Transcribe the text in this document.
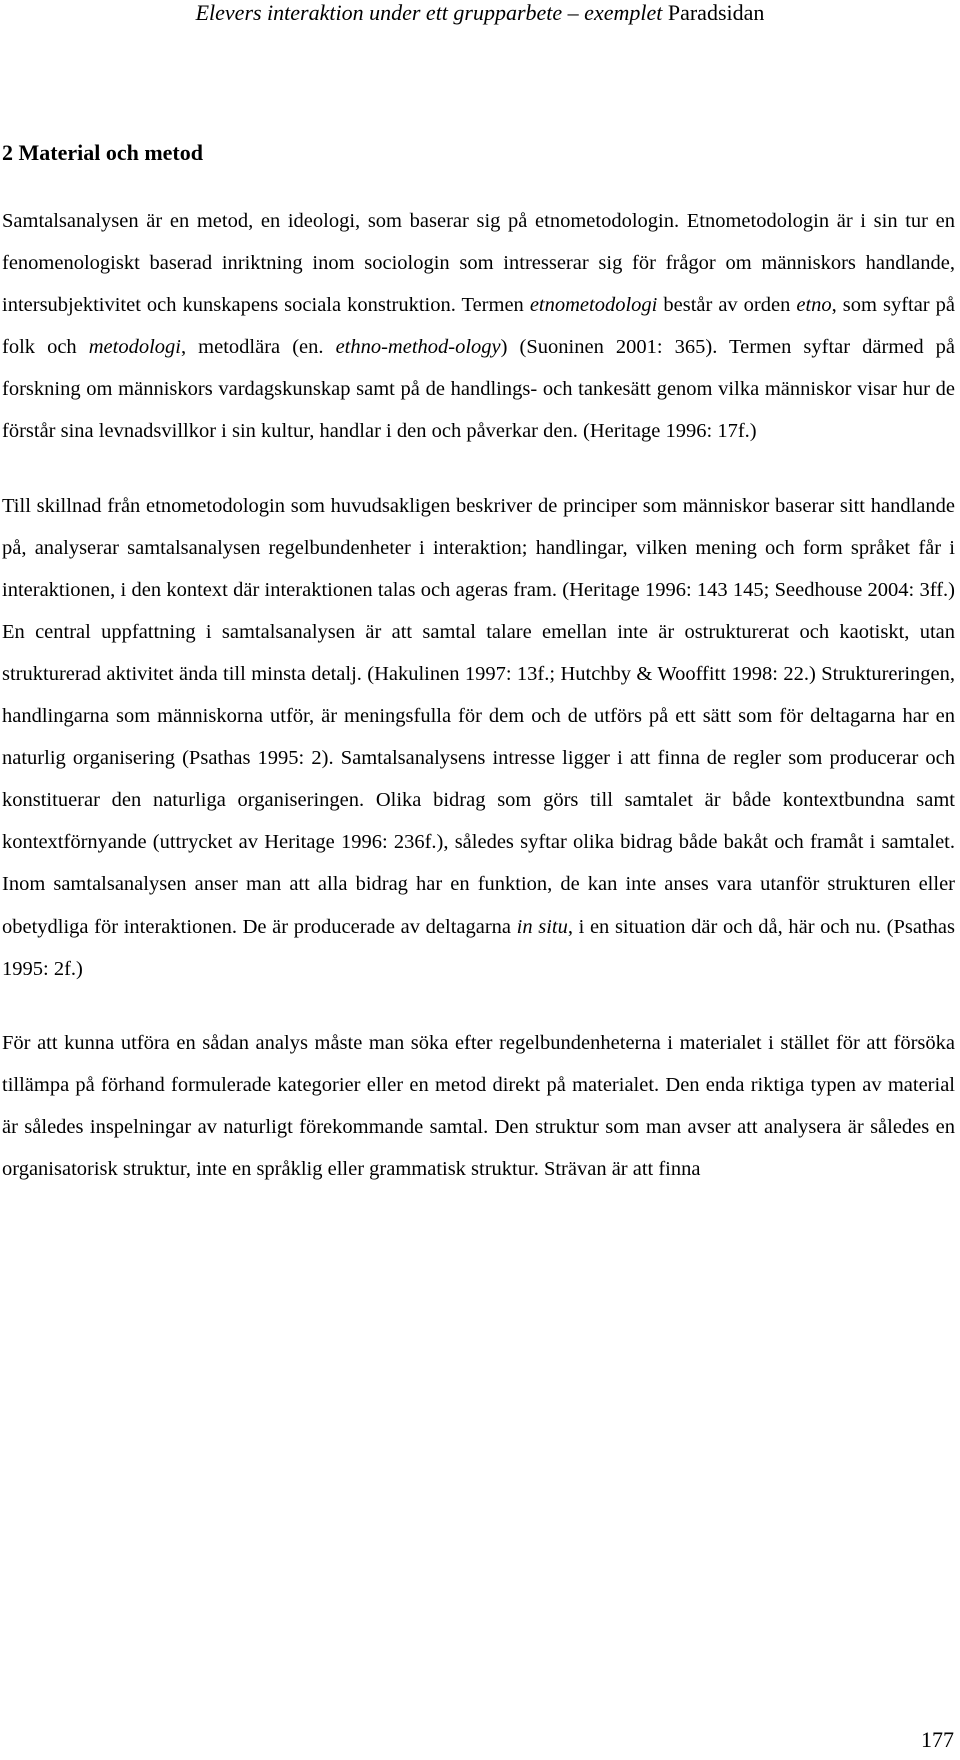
Elevers interaktion under ett grupparbete – exemplet Paradsidan
2 Material och metod

Samtalsanalysen är en metod, en ideologi, som baserar sig på etnometodologin. Etnometodologin är i sin tur en fenomenologiskt baserad inriktning inom sociologin som intresserar sig för frågor om människors handlande, intersubjektivitet och kunskapens sociala konstruktion. Termen etnometodologi består av orden etno, som syftar på folk och metodologi, metodlära (en. ethno-method-ology) (Suoninen 2001: 365). Termen syftar därmed på forskning om människors vardagskunskap samt på de handlings- och tankesätt genom vilka människor visar hur de förstår sina levnadsvillkor i sin kultur, handlar i den och påverkar den. (Heritage 1996: 17f.)

Till skillnad från etnometodologin som huvudsakligen beskriver de principer som människor baserar sitt handlande på, analyserar samtalsanalysen regelbundenheter i interaktion; handlingar, vilken mening och form språket får i interaktionen, i den kontext där interaktionen talas och ageras fram. (Heritage 1996: 143 145; Seedhouse 2004: 3ff.) En central uppfattning i samtalsanalysen är att samtal talare emellan inte är ostrukturerat och kaotiskt, utan strukturerad aktivitet ända till minsta detalj. (Hakulinen 1997: 13f.; Hutchby & Wooffitt 1998: 22.) Struktureringen, handlingarna som människorna utför, är meningsfulla för dem och de utförs på ett sätt som för deltagarna har en naturlig organisering (Psathas 1995: 2). Samtalsanalysens intresse ligger i att finna de regler som producerar och konstituerar den naturliga organiseringen. Olika bidrag som görs till samtalet är både kontextbundna samt kontextförnyande (uttrycket av Heritage 1996: 236f.), således syftar olika bidrag både bakåt och framåt i samtalet. Inom samtalsanalysen anser man att alla bidrag har en funktion, de kan inte anses vara utanför strukturen eller obetydliga för interaktionen. De är producerade av deltagarna in situ, i en situation där och då, här och nu. (Psathas 1995: 2f.)

För att kunna utföra en sådan analys måste man söka efter regelbundenheterna i materialet i stället för att försöka tillämpa på förhand formulerade kategorier eller en metod direkt på materialet. Den enda riktiga typen av material är således inspelningar av naturligt förekommande samtal. Den struktur som man avser att analysera är således en organisatorisk struktur, inte en språklig eller grammatisk struktur. Strävan är att finna

177
